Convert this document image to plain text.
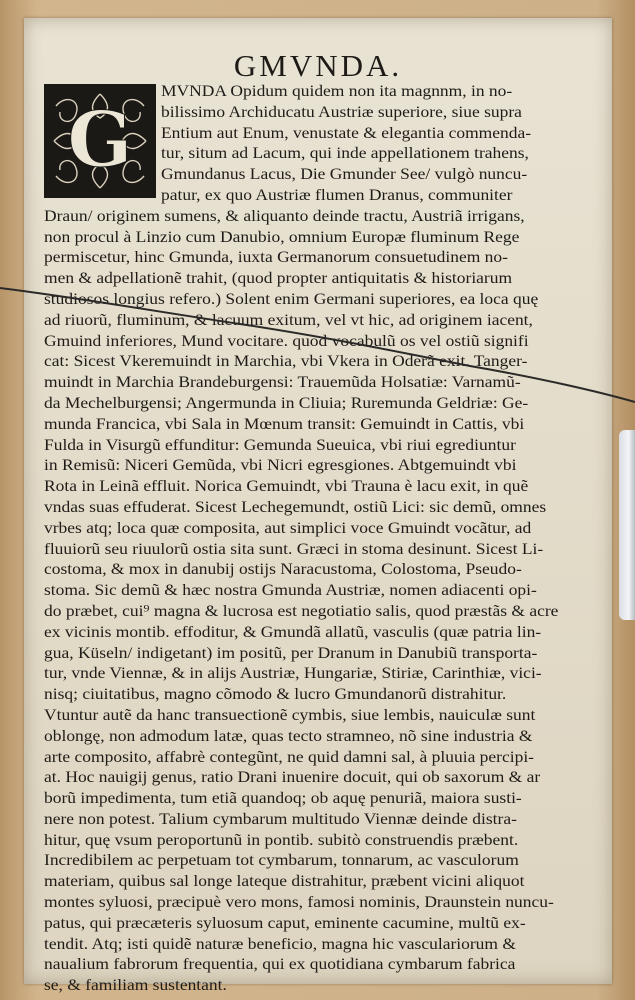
GMVNDA.
G
MVNDA Opidum quidem non ita magnnm, in no-
bilissimo Archiducatu Austriæ superiore, siue supra
Entium aut Enum, venustate & elegantia commenda-
tur, situm ad Lacum, qui inde appellationem trahens,
Gmundanus Lacus, Die Gmunder See/ vulgò nuncu-
patur, ex quo Austriæ flumen Dranus, communiter
Draun/ originem sumens, & aliquanto deinde tractu, Austriã irrigans,
non procul à Linzio cum Danubio, omnium Europæ fluminum Rege
permiscetur, hinc Gmunda, iuxta Germanorum consuetudinem no-
men & adpellationẽ trahit, (quod propter antiquitatis & historiarum
studiosos longius refero.) Solent enim Germani superiores, ea loca quę
ad riuorũ, fluminum, & lacuum exitum, vel vt hic, ad originem iacent,
Gmuind inferiores, Mund vocitare. quod vocabulũ os vel ostiũ signifi
cat: Sicest Vkeremuindt in Marchia, vbi Vkera in Oderã exit. Tanger-
muindt in Marchia Brandeburgensi: Trauemũda Holsatiæ: Varnamũ-
da Mechelburgensi; Angermunda in Cliuia; Ruremunda Geldriæ: Ge-
munda Francica, vbi Sala in Mœnum transit: Gemuindt in Cattis, vbi
Fulda in Visurgũ effunditur: Gemunda Sueuica, vbi riui egrediuntur
in Remisũ: Niceri Gemũda, vbi Nicri egresgiones. Abtgemuindt vbi
Rota in Leinã effluit. Norica Gemuindt, vbi Trauna è lacu exit, in quẽ
vndas suas effuderat. Sicest Lechegemundt, ostiũ Lici: sic demũ, omnes
vrbes atq; loca quæ composita, aut simplici voce Gmuindt vocãtur, ad
fluuiorũ seu riuulorũ ostia sita sunt. Græci in stoma desinunt. Sicest Li-
costoma, & mox in danubij ostijs Naracustoma, Colostoma, Pseudo-
stoma. Sic demũ & hæc nostra Gmunda Austriæ, nomen adiacenti opi-
do præbet, cui⁹ magna & lucrosa est negotiatio salis, quod præstãs & acre
ex vicinis montib. effoditur, & Gmundã allatũ, vasculis (quæ patria lin-
gua, Küseln/ indigetant) im positũ, per Dranum in Danubiũ transporta-
tur, vnde Viennæ, & in alijs Austriæ, Hungariæ, Stiriæ, Carinthiæ, vici-
nisq; ciuitatibus, magno cõmodo & lucro Gmundanorũ distrahitur.
Vtuntur autẽ da hanc transuectionẽ cymbis, siue lembis, nauiculæ sunt
oblongę, non admodum latæ, quas tecto stramneo, nõ sine industria &
arte composito, affabrè contegũnt, ne quid damni sal, à pluuia percipi-
at. Hoc nauigij genus, ratio Drani inuenire docuit, qui ob saxorum & ar
borũ impedimenta, tum etiã quandoq; ob aquę penuriã, maiora susti-
nere non potest. Talium cymbarum multitudo Viennæ deinde distra-
hitur, quę vsum peroportunũ in pontib. subitò construendis præbent.
Incredibilem ac perpetuam tot cymbarum, tonnarum, ac vasculorum
materiam, quibus sal longe lateque distrahitur, præbent vicini aliquot
montes syluosi, præcipuè vero mons, famosi nominis, Draunstein nuncu-
patus, qui præcæteris syluosum caput, eminente cacumine, multũ ex-
tendit. Atq; isti quidẽ naturæ beneficio, magna hic vasculariorum &
naualium fabrorum frequentia, qui ex quotidiana cymbarum fabrica
se, & familiam sustentant.
